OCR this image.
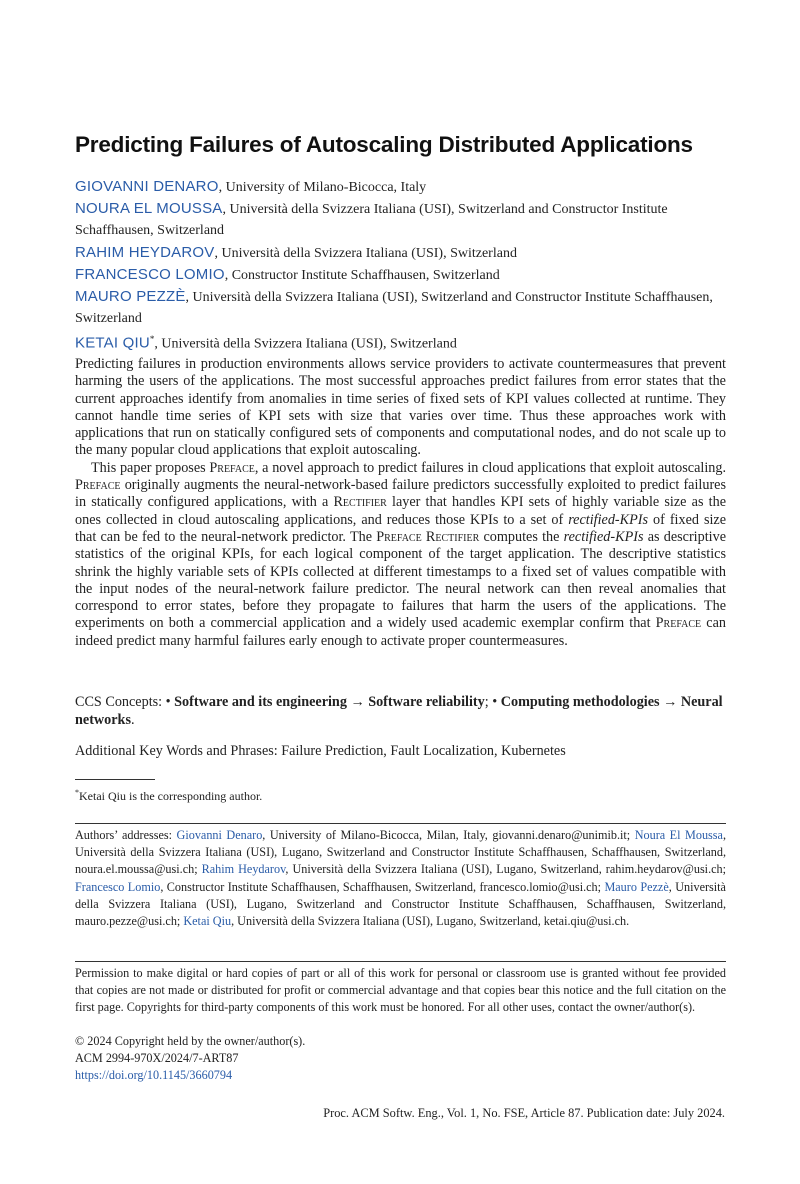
Predicting Failures of Autoscaling Distributed Applications
GIOVANNI DENARO, University of Milano-Bicocca, Italy
NOURA EL MOUSSA, Università della Svizzera Italiana (USI), Switzerland and Constructor Institute Schaffhausen, Switzerland
RAHIM HEYDAROV, Università della Svizzera Italiana (USI), Switzerland
FRANCESCO LOMIO, Constructor Institute Schaffhausen, Switzerland
MAURO PEZZÈ, Università della Svizzera Italiana (USI), Switzerland and Constructor Institute Schaffhausen, Switzerland
KETAI QIU*, Università della Svizzera Italiana (USI), Switzerland

Predicting failures in production environments allows service providers to activate countermeasures that prevent harming the users of the applications. The most successful approaches predict failures from error states that the current approaches identify from anomalies in time series of fixed sets of KPI values collected at runtime. They cannot handle time series of KPI sets with size that varies over time. Thus these approaches work with applications that run on statically configured sets of components and computational nodes, and do not scale up to the many popular cloud applications that exploit autoscaling.

This paper proposes Preface, a novel approach to predict failures in cloud applications that exploit autoscaling. Preface originally augments the neural-network-based failure predictors successfully exploited to predict failures in statically configured applications, with a Rectifier layer that handles KPI sets of highly variable size as the ones collected in cloud autoscaling applications, and reduces those KPIs to a set of rectified-KPIs of fixed size that can be fed to the neural-network predictor. The Preface Rectifier computes the rectified-KPIs as descriptive statistics of the original KPIs, for each logical component of the target application. The descriptive statistics shrink the highly variable sets of KPIs collected at different timestamps to a fixed set of values compatible with the input nodes of the neural-network failure predictor. The neural network can then reveal anomalies that correspond to error states, before they propagate to failures that harm the users of the applications. The experiments on both a commercial application and a widely used academic exemplar confirm that Preface can indeed predict many harmful failures early enough to activate proper countermeasures.

CCS Concepts: • Software and its engineering → Software reliability; • Computing methodologies → Neural networks.
Additional Key Words and Phrases: Failure Prediction, Fault Localization, Kubernetes
*Ketai Qiu is the corresponding author.
Authors’ addresses: Giovanni Denaro, University of Milano-Bicocca, Milan, Italy, giovanni.denaro@unimib.it; Noura El Moussa, Università della Svizzera Italiana (USI), Lugano, Switzerland and Constructor Institute Schaffhausen, Schaffhausen, Switzerland, noura.el.moussa@usi.ch; Rahim Heydarov, Università della Svizzera Italiana (USI), Lugano, Switzerland, rahim.heydarov@usi.ch; Francesco Lomio, Constructor Institute Schaffhausen, Schaffhausen, Switzerland, francesco.lomio@usi.ch; Mauro Pezzè, Università della Svizzera Italiana (USI), Lugano, Switzerland and Constructor Institute Schaffhausen, Schaffhausen, Switzerland, mauro.pezze@usi.ch; Ketai Qiu, Università della Svizzera Italiana (USI), Lugano, Switzerland, ketai.qiu@usi.ch.
Permission to make digital or hard copies of part or all of this work for personal or classroom use is granted without fee provided that copies are not made or distributed for profit or commercial advantage and that copies bear this notice and the full citation on the first page. Copyrights for third-party components of this work must be honored. For all other uses, contact the owner/author(s).
© 2024 Copyright held by the owner/author(s).
ACM 2994-970X/2024/7-ART87
https://doi.org/10.1145/3660794
Proc. ACM Softw. Eng., Vol. 1, No. FSE, Article 87. Publication date: July 2024.
